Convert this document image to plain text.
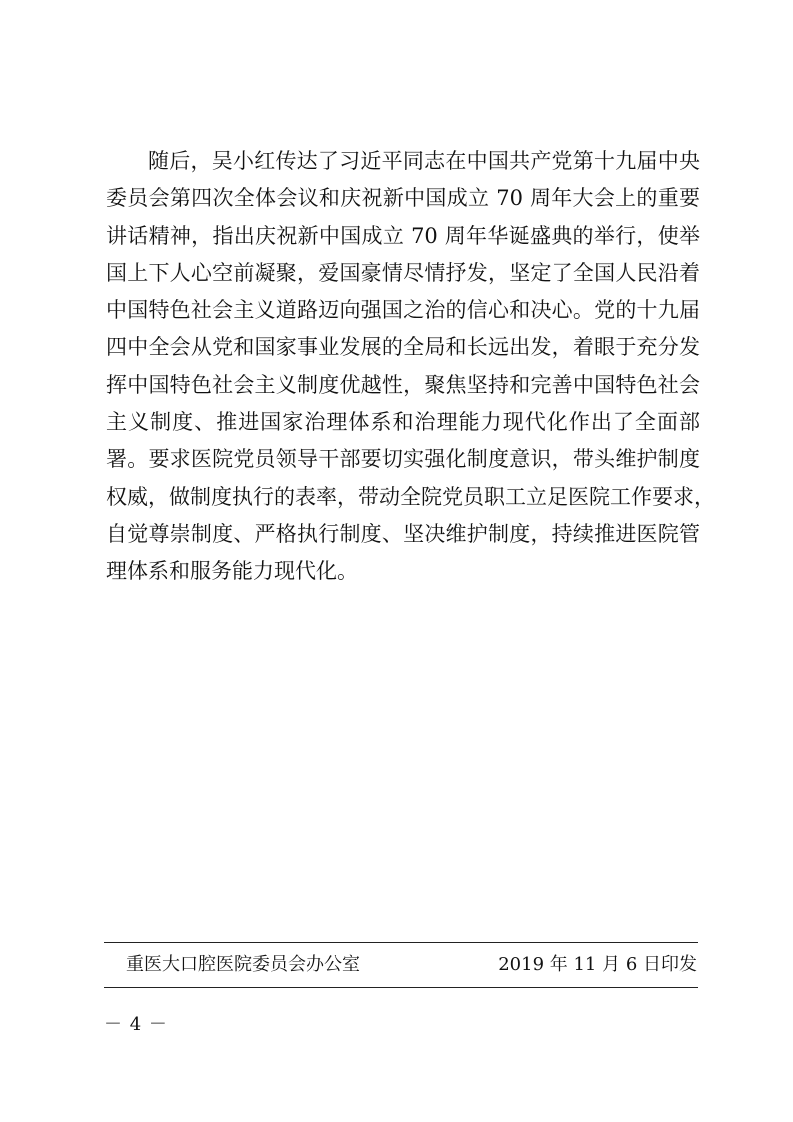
随后，吴小红传达了习近平同志在中国共产党第十九届中央
委员会第四次全体会议和庆祝新中国成立 70 周年大会上的重要
讲话精神，指出庆祝新中国成立 70 周年华诞盛典的举行，使举
国上下人心空前凝聚，爱国豪情尽情抒发，坚定了全国人民沿着
中国特色社会主义道路迈向强国之治的信心和决心。党的十九届
四中全会从党和国家事业发展的全局和长远出发，着眼于充分发
挥中国特色社会主义制度优越性，聚焦坚持和完善中国特色社会
主义制度、推进国家治理体系和治理能力现代化作出了全面部
署。要求医院党员领导干部要切实强化制度意识，带头维护制度
权威，做制度执行的表率，带动全院党员职工立足医院工作要求，
自觉尊崇制度、严格执行制度、坚决维护制度，持续推进医院管
理体系和服务能力现代化。
重医大口腔医院委员会办公室	2019 年 11 月 6 日印发
－ 4 －
